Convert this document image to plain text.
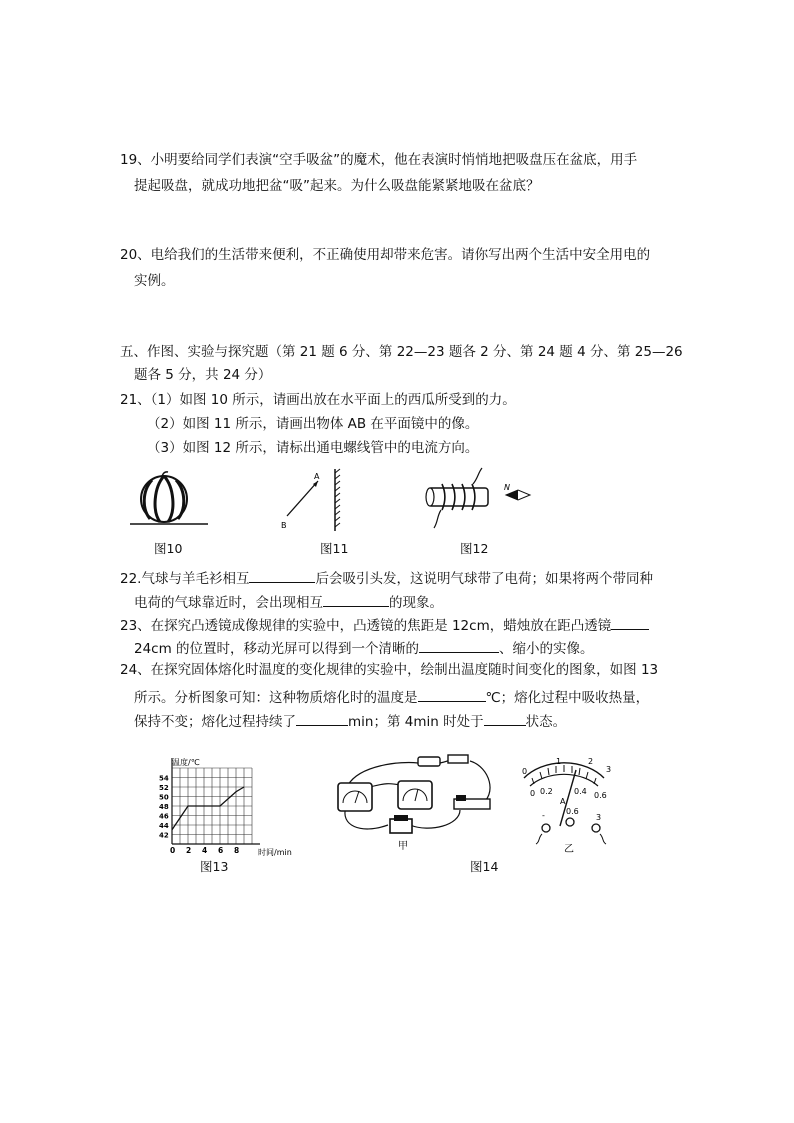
19、小明要给同学们表演“空手吸盆”的魔术，他在表演时悄悄地把吸盘压在盆底，用手
提起吸盘，就成功地把盆“吸”起来。为什么吸盘能紧紧地吸在盆底？
20、电给我们的生活带来便利，不正确使用却带来危害。请你写出两个生活中安全用电的
实例。
五、作图、实验与探究题（第 21 题 6 分、第 22—23 题各 2 分、第 24 题 4 分、第 25—26
题各 5 分，共 24 分）
21、（1）如图 10 所示，请画出放在水平面上的西瓜所受到的力。
（2）如图 11 所示，请画出物体 AB 在平面镜中的像。
（3）如图 12 所示，请标出通电螺线管中的电流方向。
图10
A
B
图11
N
图12
22.气球与羊毛衫相互	后会吸引头发，这说明气球带了电荷；如果将两个带同种
电荷的气球靠近时，会出现相互	的现象。
23、在探究凸透镜成像规律的实验中，凸透镜的焦距是 12cm，蜡烛放在距凸透镜
24cm 的位置时，移动光屏可以得到一个清晰的	、缩小的实像。
24、在探究固体熔化时温度的变化规律的实验中，绘制出温度随时间变化的图象，如图 13
所示。分析图象可知：这种物质熔化时的温度是	℃；熔化过程中吸收热量，
保持不变；熔化过程持续了	min；第 4min 时处于	状态。
0 2 4 6 8
42
44
46
48
50
52
54
温度/℃
时间/min
图13
甲
0
1	2
3
0 0.2	0.4 0.6
A
-	0.6
3
乙
图14
